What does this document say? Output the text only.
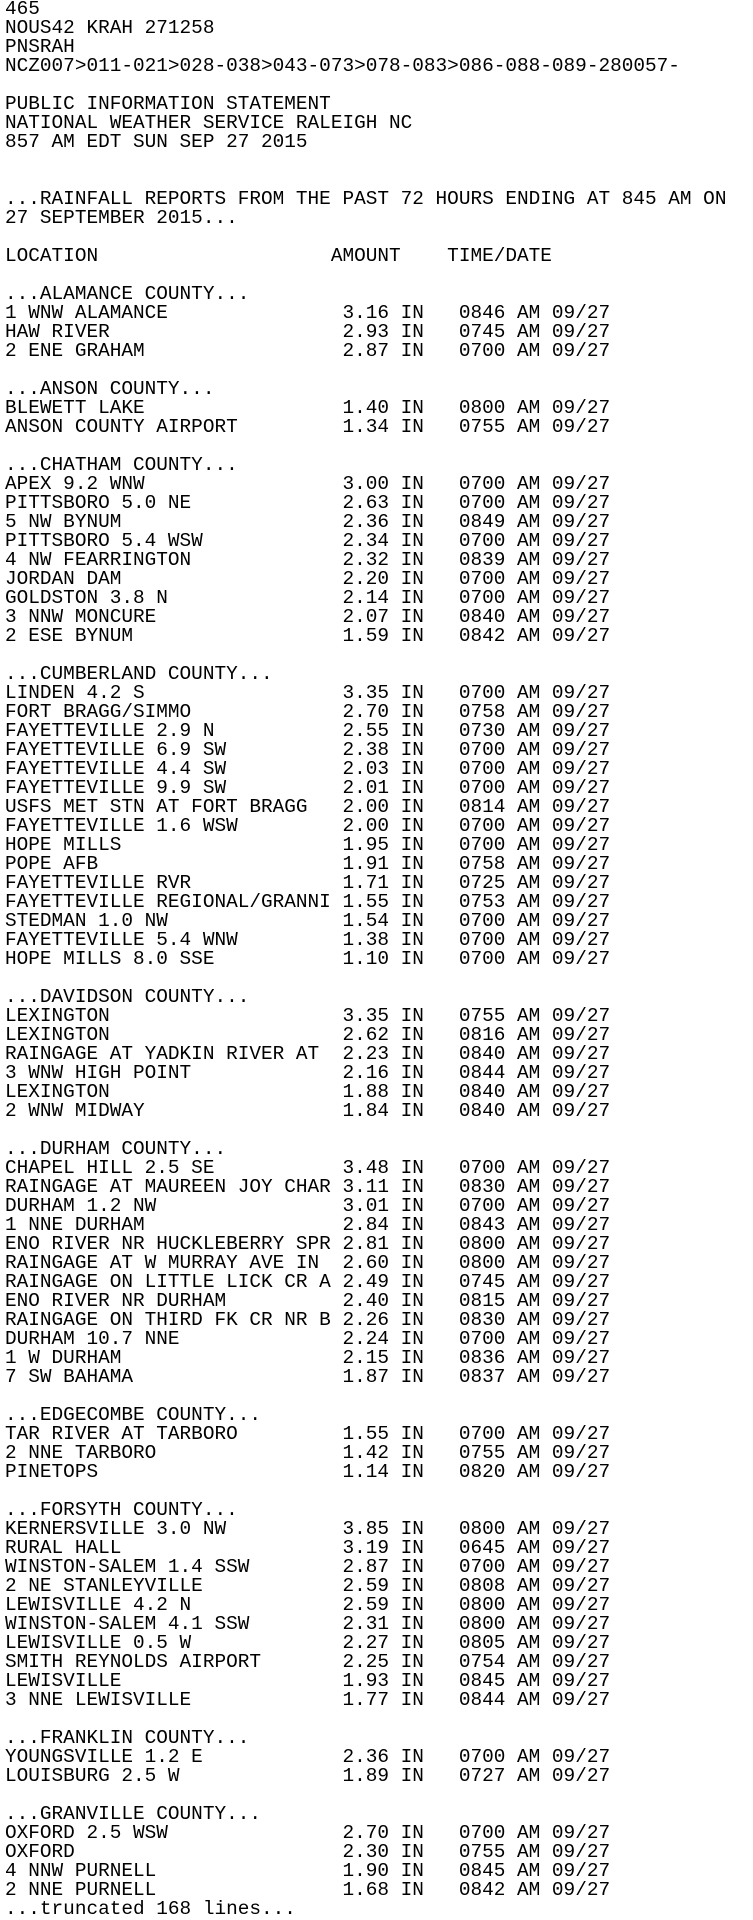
465
NOUS42 KRAH 271258
PNSRAH
NCZ007>011-021>028-038>043-073>078-083>086-088-089-280057-
PUBLIC INFORMATION STATEMENT
NATIONAL WEATHER SERVICE RALEIGH NC
857 AM EDT SUN SEP 27 2015
...RAINFALL REPORTS FROM THE PAST 72 HOURS ENDING AT 845 AM ON
27 SEPTEMBER 2015...
LOCATION                    AMOUNT    TIME/DATE
...ALAMANCE COUNTY...
1 WNW ALAMANCE               3.16 IN   0846 AM 09/27
HAW RIVER                    2.93 IN   0745 AM 09/27
2 ENE GRAHAM                 2.87 IN   0700 AM 09/27
...ANSON COUNTY...
BLEWETT LAKE                 1.40 IN   0800 AM 09/27
ANSON COUNTY AIRPORT         1.34 IN   0755 AM 09/27
...CHATHAM COUNTY...
APEX 9.2 WNW                 3.00 IN   0700 AM 09/27
PITTSBORO 5.0 NE             2.63 IN   0700 AM 09/27
5 NW BYNUM                   2.36 IN   0849 AM 09/27
PITTSBORO 5.4 WSW            2.34 IN   0700 AM 09/27
4 NW FEARRINGTON             2.32 IN   0839 AM 09/27
JORDAN DAM                   2.20 IN   0700 AM 09/27
GOLDSTON 3.8 N               2.14 IN   0700 AM 09/27
3 NNW MONCURE                2.07 IN   0840 AM 09/27
2 ESE BYNUM                  1.59 IN   0842 AM 09/27
...CUMBERLAND COUNTY...
LINDEN 4.2 S                 3.35 IN   0700 AM 09/27
FORT BRAGG/SIMMO             2.70 IN   0758 AM 09/27
FAYETTEVILLE 2.9 N           2.55 IN   0730 AM 09/27
FAYETTEVILLE 6.9 SW          2.38 IN   0700 AM 09/27
FAYETTEVILLE 4.4 SW          2.03 IN   0700 AM 09/27
FAYETTEVILLE 9.9 SW          2.01 IN   0700 AM 09/27
USFS MET STN AT FORT BRAGG   2.00 IN   0814 AM 09/27
FAYETTEVILLE 1.6 WSW         2.00 IN   0700 AM 09/27
HOPE MILLS                   1.95 IN   0700 AM 09/27
POPE AFB                     1.91 IN   0758 AM 09/27
FAYETTEVILLE RVR             1.71 IN   0725 AM 09/27
FAYETTEVILLE REGIONAL/GRANNI 1.55 IN   0753 AM 09/27
STEDMAN 1.0 NW               1.54 IN   0700 AM 09/27
FAYETTEVILLE 5.4 WNW         1.38 IN   0700 AM 09/27
HOPE MILLS 8.0 SSE           1.10 IN   0700 AM 09/27
...DAVIDSON COUNTY...
LEXINGTON                    3.35 IN   0755 AM 09/27
LEXINGTON                    2.62 IN   0816 AM 09/27
RAINGAGE AT YADKIN RIVER AT  2.23 IN   0840 AM 09/27
3 WNW HIGH POINT             2.16 IN   0844 AM 09/27
LEXINGTON                    1.88 IN   0840 AM 09/27
2 WNW MIDWAY                 1.84 IN   0840 AM 09/27
...DURHAM COUNTY...
CHAPEL HILL 2.5 SE           3.48 IN   0700 AM 09/27
RAINGAGE AT MAUREEN JOY CHAR 3.11 IN   0830 AM 09/27
DURHAM 1.2 NW                3.01 IN   0700 AM 09/27
1 NNE DURHAM                 2.84 IN   0843 AM 09/27
ENO RIVER NR HUCKLEBERRY SPR 2.81 IN   0800 AM 09/27
RAINGAGE AT W MURRAY AVE IN  2.60 IN   0800 AM 09/27
RAINGAGE ON LITTLE LICK CR A 2.49 IN   0745 AM 09/27
ENO RIVER NR DURHAM          2.40 IN   0815 AM 09/27
RAINGAGE ON THIRD FK CR NR B 2.26 IN   0830 AM 09/27
DURHAM 10.7 NNE              2.24 IN   0700 AM 09/27
1 W DURHAM                   2.15 IN   0836 AM 09/27
7 SW BAHAMA                  1.87 IN   0837 AM 09/27
...EDGECOMBE COUNTY...
TAR RIVER AT TARBORO         1.55 IN   0700 AM 09/27
2 NNE TARBORO                1.42 IN   0755 AM 09/27
PINETOPS                     1.14 IN   0820 AM 09/27
...FORSYTH COUNTY...
KERNERSVILLE 3.0 NW          3.85 IN   0800 AM 09/27
RURAL HALL                   3.19 IN   0645 AM 09/27
WINSTON-SALEM 1.4 SSW        2.87 IN   0700 AM 09/27
2 NE STANLEYVILLE            2.59 IN   0808 AM 09/27
LEWISVILLE 4.2 N             2.59 IN   0800 AM 09/27
WINSTON-SALEM 4.1 SSW        2.31 IN   0800 AM 09/27
LEWISVILLE 0.5 W             2.27 IN   0805 AM 09/27
SMITH REYNOLDS AIRPORT       2.25 IN   0754 AM 09/27
LEWISVILLE                   1.93 IN   0845 AM 09/27
3 NNE LEWISVILLE             1.77 IN   0844 AM 09/27
...FRANKLIN COUNTY...
YOUNGSVILLE 1.2 E            2.36 IN   0700 AM 09/27
LOUISBURG 2.5 W              1.89 IN   0727 AM 09/27
...GRANVILLE COUNTY...
OXFORD 2.5 WSW               2.70 IN   0700 AM 09/27
OXFORD                       2.30 IN   0755 AM 09/27
4 NNW PURNELL                1.90 IN   0845 AM 09/27
2 NNE PURNELL                1.68 IN   0842 AM 09/27
...truncated 168 lines...
